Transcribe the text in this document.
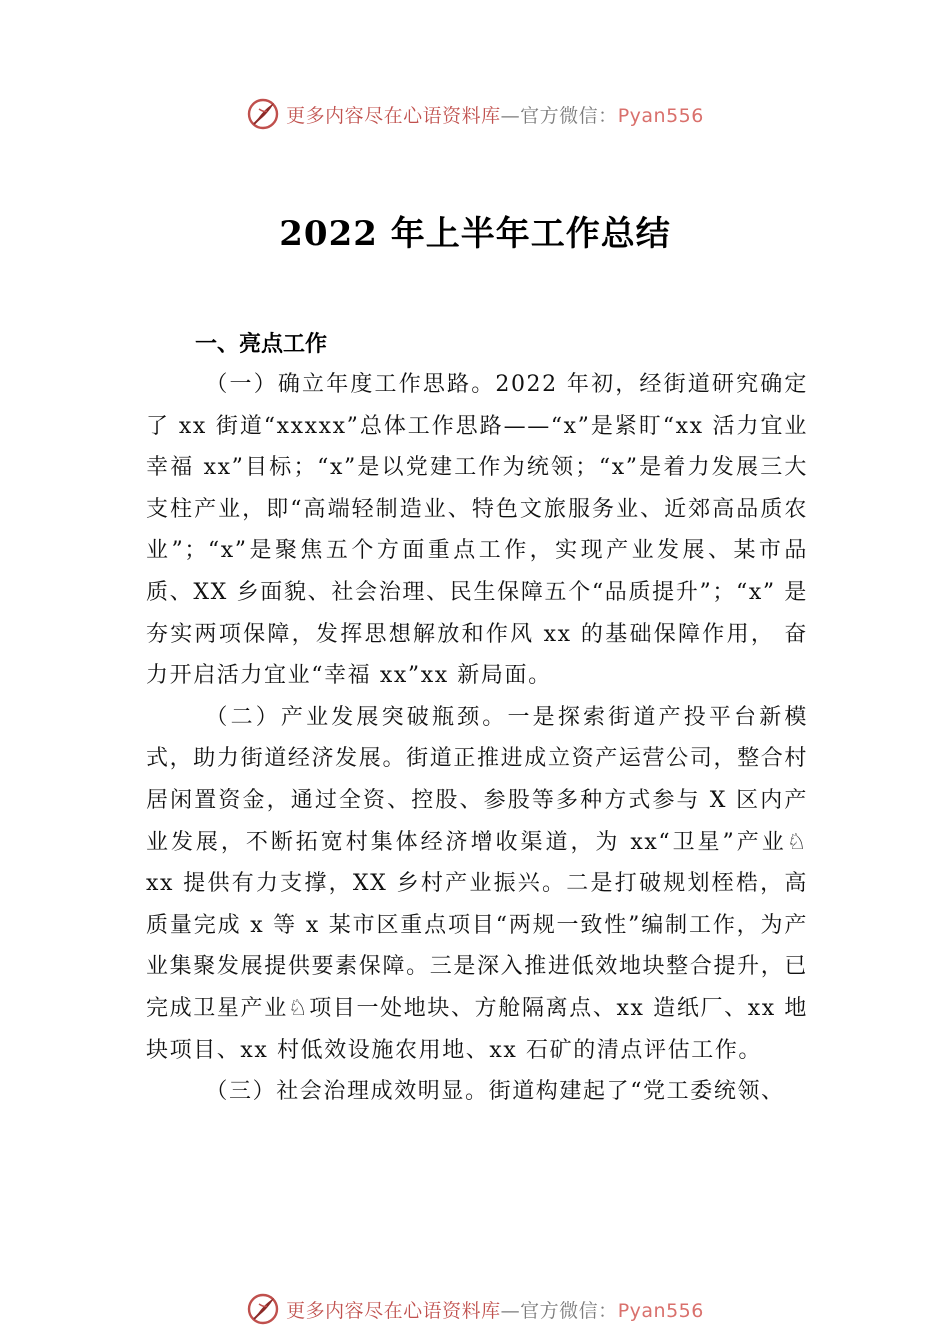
更多内容尽在心语资料库—官方微信：Pyan556
2022 年上半年工作总结
一、亮点工作

（一）确立年度工作思路。2022 年初，经街道研究确定了 xx 街道“xxxxx”总体工作思路——“x”是紧盯“xx 活力宜业幸福 xx”目标；“x”是以党建工作为统领；“x”是着力发展三大支柱产业，即“高端轻制造业、特色文旅服务业、近郊高品质农业”；“x”是聚焦五个方面重点工作，实现产业发展、某市品质、XX 乡面貌、社会治理、民生保障五个“品质提升”；“x” 是夯实两项保障，发挥思想解放和作风 xx 的基础保障作用， 奋力开启活力宜业“幸福 xx”xx 新局面。

（二）产业发展突破瓶颈。一是探索街道产投平台新模式，助力街道经济发展。街道正推进成立资产运营公司，整合村居闲置资金，通过全资、控股、参股等多种方式参与 X 区内产业发展，不断拓宽村集体经济增收渠道，为 xx“卫星”产业♘ xx 提供有力支撑，XX 乡村产业振兴。二是打破规划桎梏，高质量完成 x 等 x 某市区重点项目“两规一致性”编制工作，为产业集聚发展提供要素保障。三是深入推进低效地块整合提升，已完成卫星产业♘项目一处地块、方舱隔离点、xx 造纸厂、xx 地块项目、xx 村低效设施农用地、xx 石矿的清点评估工作。

（三）社会治理成效明显。街道构建起了“党工委统领、

更多内容尽在心语资料库—官方微信：Pyan556
